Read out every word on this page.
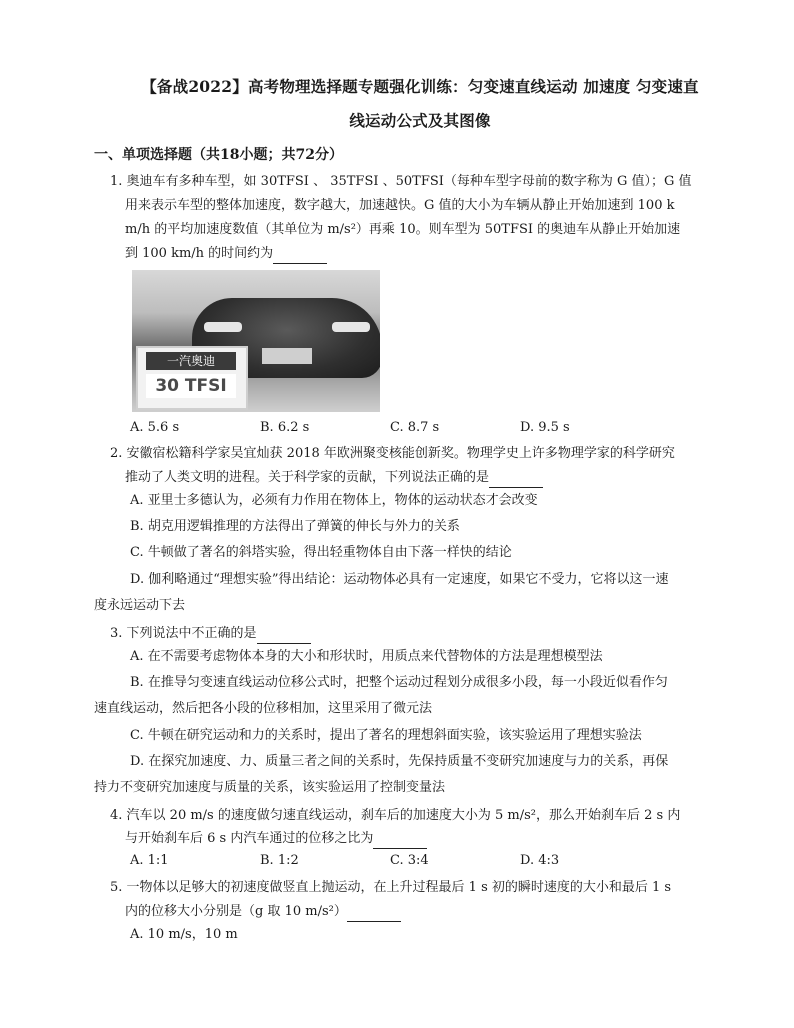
【备战2022】高考物理选择题专题强化训练：匀变速直线运动 加速度 匀变速直
线运动公式及其图像
一、单项选择题（共18小题；共72分）
1. 奥迪车有多种车型，如 30TFSI 、 35TFSI 、50TFSI（每种车型字母前的数字称为 G 值）；G 值
用来表示车型的整体加速度，数字越大，加速越快。G 值的大小为车辆从静止开始加速到 100 k
m/h 的平均加速度数值（其单位为 m/s²）再乘 10。则车型为 50TFSI 的奥迪车从静止开始加速
到 100 km/h 的时间约为
一汽奥迪
30 TFSI
A. 5.6 s	B. 6.2 s	C. 8.7 s	D. 9.5 s
2. 安徽宿松籍科学家吴宜灿获 2018 年欧洲聚变核能创新奖。物理学史上许多物理学家的科学研究
推动了人类文明的进程。关于科学家的贡献，下列说法正确的是
A. 亚里士多德认为，必须有力作用在物体上，物体的运动状态才会改变
B. 胡克用逻辑推理的方法得出了弹簧的伸长与外力的关系
C. 牛顿做了著名的斜塔实验，得出轻重物体自由下落一样快的结论
D. 伽利略通过“理想实验”得出结论：运动物体必具有一定速度，如果它不受力，它将以这一速
度永远运动下去
3. 下列说法中不正确的是
A. 在不需要考虑物体本身的大小和形状时，用质点来代替物体的方法是理想模型法
B. 在推导匀变速直线运动位移公式时，把整个运动过程划分成很多小段，每一小段近似看作匀
速直线运动，然后把各小段的位移相加，这里采用了微元法
C. 牛顿在研究运动和力的关系时，提出了著名的理想斜面实验，该实验运用了理想实验法
D. 在探究加速度、力、质量三者之间的关系时，先保持质量不变研究加速度与力的关系，再保
持力不变研究加速度与质量的关系，该实验运用了控制变量法
4. 汽车以 20 m/s 的速度做匀速直线运动，刹车后的加速度大小为 5 m/s²，那么开始刹车后 2 s 内
与开始刹车后 6 s 内汽车通过的位移之比为
A. 1:1	B. 1:2	C. 3:4	D. 4:3
5. 一物体以足够大的初速度做竖直上抛运动，在上升过程最后 1 s 初的瞬时速度的大小和最后 1 s
内的位移大小分别是（g 取 10 m/s²）
A. 10 m/s，10 m
